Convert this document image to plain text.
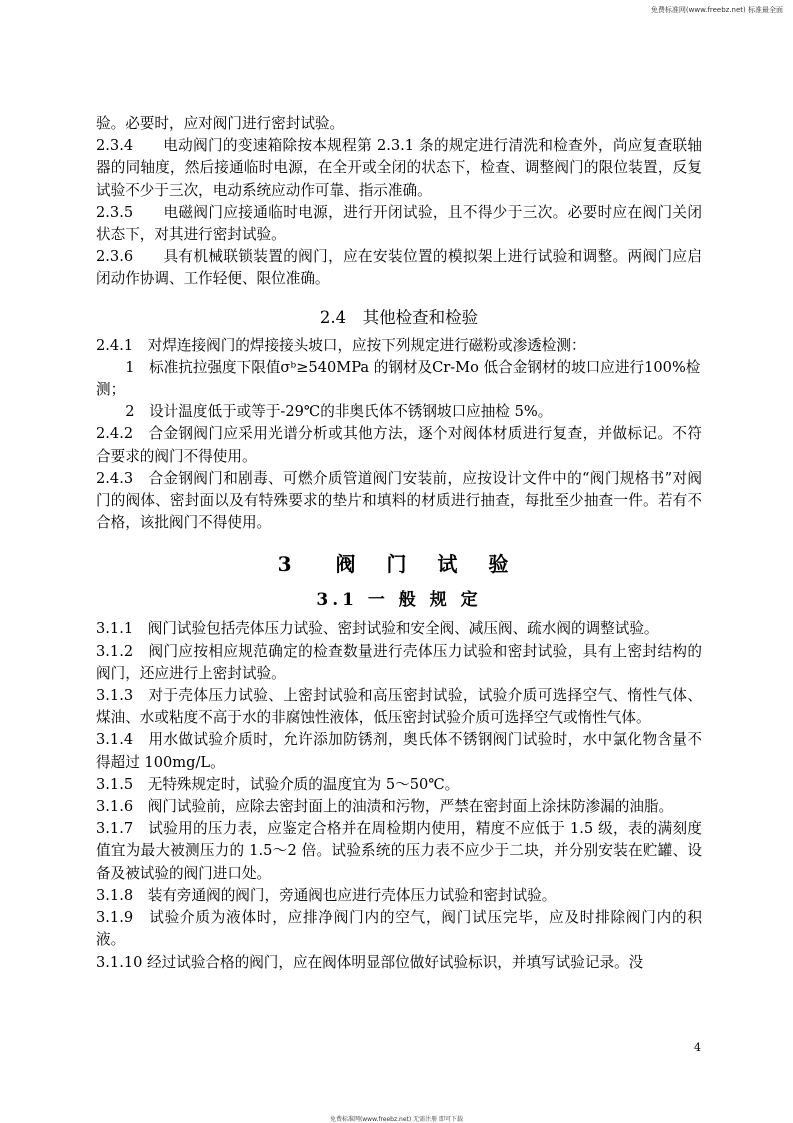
免费标准网(www.freebz.net) 标准最全面

验。必要时，应对阀门进行密封试验。

2.3.4　　电动阀门的变速箱除按本规程第 2.3.1 条的规定进行清洗和检查外，尚应复查联轴器的同轴度，然后接通临时电源，在全开或全闭的状态下，检查、调整阀门的限位装置，反复试验不少于三次，电动系统应动作可靠、指示准确。

2.3.5　　电磁阀门应接通临时电源，进行开闭试验，且不得少于三次。必要时应在阀门关闭状态下，对其进行密封试验。

2.3.6　　具有机械联锁装置的阀门，应在安装位置的模拟架上进行试验和调整。两阀门应启闭动作协调、工作轻便、限位准确。

2.4　其他检查和检验

2.4.1　对焊连接阀门的焊接接头坡口，应按下列规定进行磁粉或渗透检测：

　　1　标准抗拉强度下限值σᵇ≥540MPa 的钢材及Cr-Mo 低合金钢材的坡口应进行100%检测；

　　2　设计温度低于或等于-29℃的非奥氏体不锈钢坡口应抽检 5%。

2.4.2　合金钢阀门应采用光谱分析或其他方法，逐个对阀体材质进行复查，并做标记。不符合要求的阀门不得使用。

2.4.3　合金钢阀门和剧毒、可燃介质管道阀门安装前，应按设计文件中的“阀门规格书”对阀门的阀体、密封面以及有特殊要求的垫片和填料的材质进行抽查，每批至少抽查一件。若有不合格，该批阀门不得使用。

3　阀 门 试 验
3.1 一 般 规 定

3.1.1　阀门试验包括壳体压力试验、密封试验和安全阀、减压阀、疏水阀的调整试验。

3.1.2　阀门应按相应规范确定的检查数量进行壳体压力试验和密封试验，具有上密封结构的阀门，还应进行上密封试验。

3.1.3　对于壳体压力试验、上密封试验和高压密封试验，试验介质可选择空气、惰性气体、煤油、水或粘度不高于水的非腐蚀性液体，低压密封试验介质可选择空气或惰性气体。

3.1.4　用水做试验介质时，允许添加防锈剂，奥氏体不锈钢阀门试验时，水中氯化物含量不得超过 100mg/L。

3.1.5　无特殊规定时，试验介质的温度宜为 5～50℃。

3.1.6　阀门试验前，应除去密封面上的油渍和污物，严禁在密封面上涂抹防渗漏的油脂。

3.1.7　试验用的压力表，应鉴定合格并在周检期内使用，精度不应低于 1.5 级，表的满刻度值宜为最大被测压力的 1.5～2 倍。试验系统的压力表不应少于二块，并分别安装在贮罐、设备及被试验的阀门进口处。

3.1.8　装有旁通阀的阀门，旁通阀也应进行壳体压力试验和密封试验。

3.1.9　试验介质为液体时，应排净阀门内的空气，阀门试压完毕，应及时排除阀门内的积液。

3.1.10 经过试验合格的阀门，应在阀体明显部位做好试验标识，并填写试验记录。没

4
免费标准网(www.freebz.net) 无需注册 即可下载
